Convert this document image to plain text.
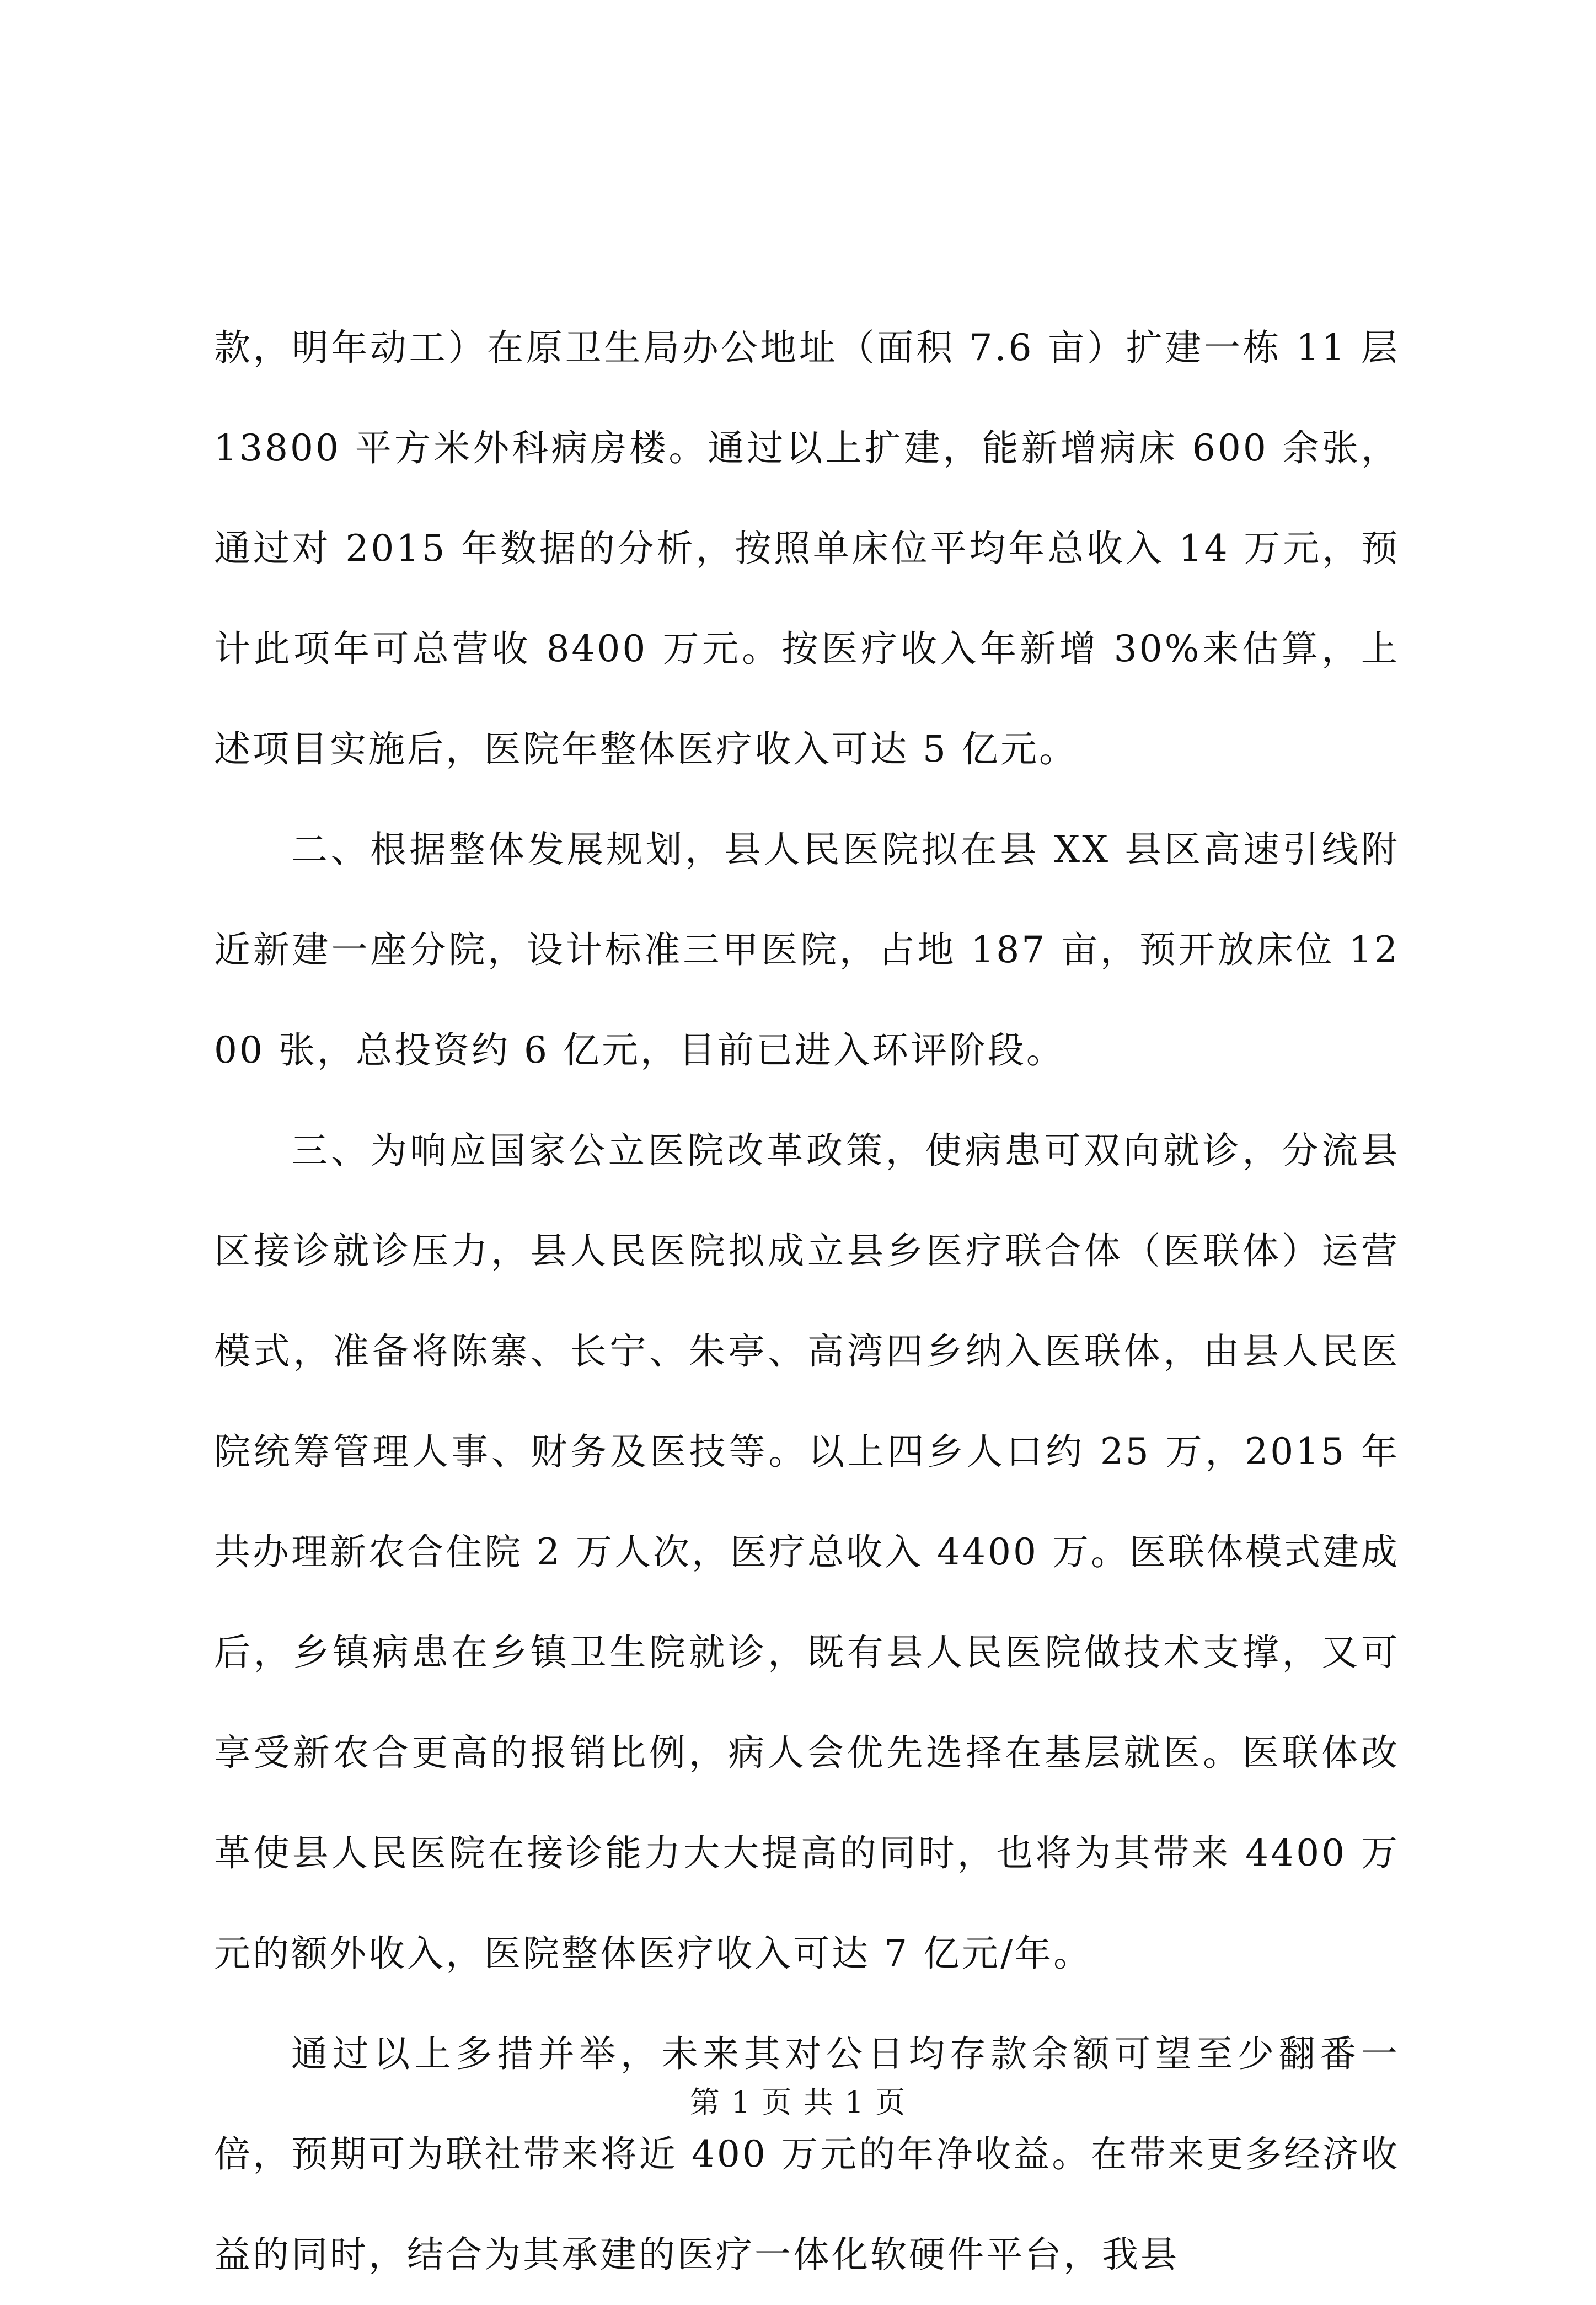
款，明年动工）在原卫生局办公地址（面积 7.6 亩）扩建一栋 11 层 13800 平方米外科病房楼。通过以上扩建，能新增病床 600 余张，通过对 2015 年数据的分析，按照单床位平均年总收入 14 万元，预计此项年可总营收 8400 万元。按医疗收入年新增 30%来估算，上述项目实施后，医院年整体医疗收入可达 5 亿元。

二、根据整体发展规划，县人民医院拟在县 XX 县区高速引线附近新建一座分院，设计标准三甲医院，占地 187 亩，预开放床位 1200 张，总投资约 6 亿元，目前已进入环评阶段。

三、为响应国家公立医院改革政策，使病患可双向就诊，分流县区接诊就诊压力，县人民医院拟成立县乡医疗联合体（医联体）运营模式，准备将陈寨、长宁、朱亭、高湾四乡纳入医联体，由县人民医院统筹管理人事、财务及医技等。以上四乡人口约 25 万，2015 年共办理新农合住院 2 万人次，医疗总收入 4400 万。医联体模式建成后，乡镇病患在乡镇卫生院就诊，既有县人民医院做技术支撑，又可享受新农合更高的报销比例，病人会优先选择在基层就医。医联体改革使县人民医院在接诊能力大大提高的同时，也将为其带来 4400 万元的额外收入，医院整体医疗收入可达 7 亿元/年。

通过以上多措并举，未来其对公日均存款余额可望至少翻番一倍，预期可为联社带来将近 400 万元的年净收益。在带来更多经济收益的同时，结合为其承建的医疗一体化软硬件平台，我县

第 1 页 共 1 页
